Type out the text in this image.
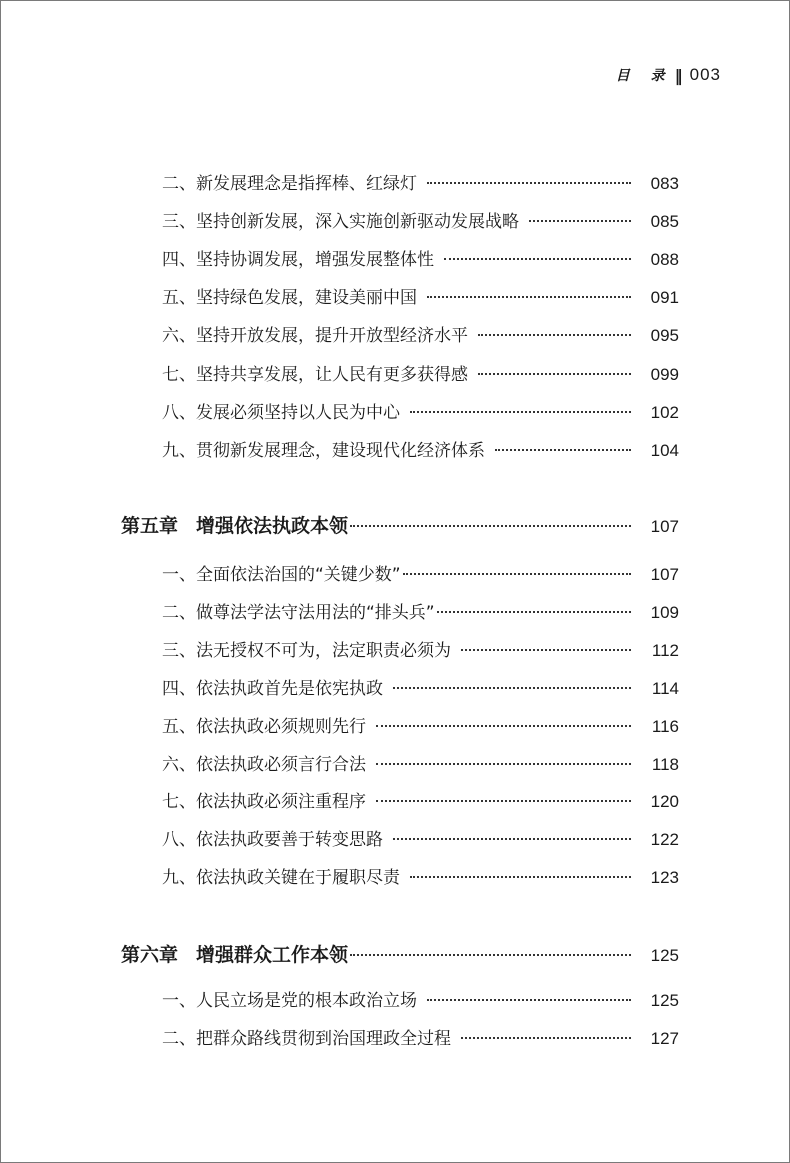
目 录 ‖ 003
二、新发展理念是指挥棒、红绿灯	083
三、坚持创新发展，深入实施创新驱动发展战略	085
四、坚持协调发展，增强发展整体性	088
五、坚持绿色发展，建设美丽中国	091
六、坚持开放发展，提升开放型经济水平	095
七、坚持共享发展，让人民有更多获得感	099
八、发展必须坚持以人民为中心	102
九、贯彻新发展理念，建设现代化经济体系	104
第五章 增强依法执政本领	107
一、全面依法治国的“关键少数”	107
二、做尊法学法守法用法的“排头兵”	109
三、法无授权不可为，法定职责必须为	112
四、依法执政首先是依宪执政	114
五、依法执政必须规则先行	116
六、依法执政必须言行合法	118
七、依法执政必须注重程序	120
八、依法执政要善于转变思路	122
九、依法执政关键在于履职尽责	123
第六章 增强群众工作本领	125
一、人民立场是党的根本政治立场	125
二、把群众路线贯彻到治国理政全过程	127
